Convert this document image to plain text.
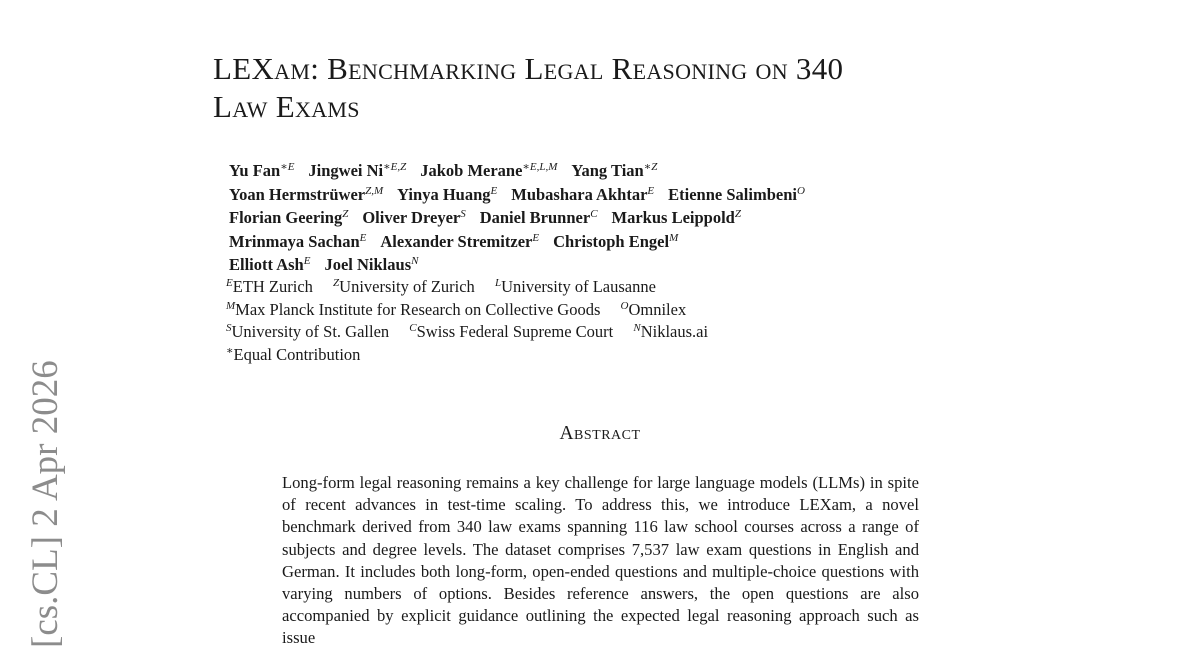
LEXam: Benchmarking Legal Reasoning on 340
Law Exams
Yu Fan$^{∗E}$ Jingwei $Ni^{∗E,Z}$ Jakob Merane$^{∗E,L,M}$ Yang Tian$^{∗Z}$
Yoan Hermstrüwer$^{Z,M}$ Yinya Huang$^E$ Mubashara Akhtar$^E$ Etienne Salimbeni$^O$
Florian Geering$^Z$ Oliver Dreyer$^S$ Daniel Brunner$^C$ Markus Leippold$^Z$
Mrinmaya Sachan$^E$ Alexander Stremitzer$^E$ Christoph Engel$^M$
Elliott Ash$^E$ Joel Niklaus$^N$
$^E$ETH Zurich $^Z$University of Zurich $^L$University of Lausanne
$^M$Max Planck Institute for Research on Collective Goods $^O$Omnilex
$^S$University of St. Gallen $^C$Swiss Federal Supreme Court $^N$Niklaus.ai
∗Equal Contribution
Abstract
Long-form legal reasoning remains a key challenge for large language models (LLMs) in spite of recent advances in test-time scaling. To address this, we introduce LEXam, a novel benchmark derived from 340 law exams spanning 116 law school courses across a range of subjects and degree levels. The dataset comprises 7,537 law exam questions in English and German. It includes both long-form, open-ended questions and multiple-choice questions with varying numbers of options. Besides reference answers, the open questions are also accompanied by explicit guidance outlining the expected legal reasoning approach such as issue
[cs.CL] 2 Apr 2026
